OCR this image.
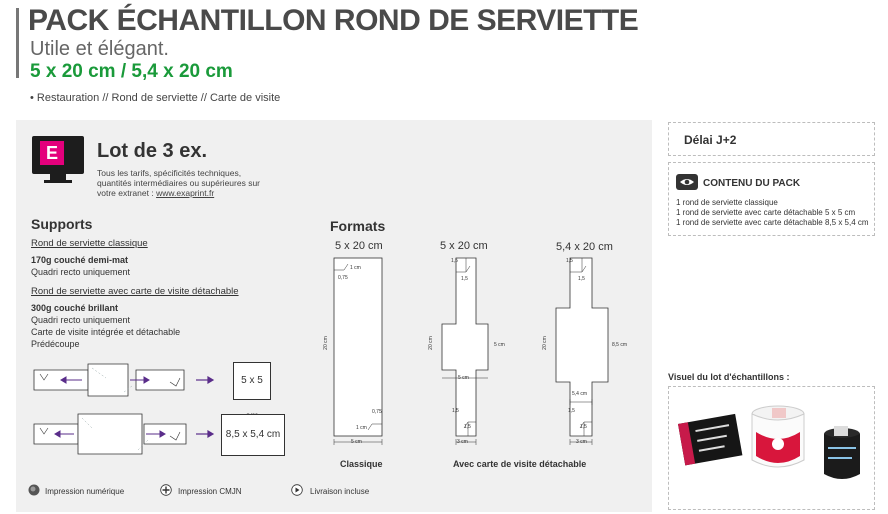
PACK ÉCHANTILLON ROND DE SERVIETTE
Utile et élégant.
5 x 20 cm / 5,4 x 20 cm
• Restauration // Rond de serviette // Carte de visite
E	Lot de 3 ex.
Tous les tarifs, spécificités techniques,
quantités intermédiaires ou supérieures sur
votre extranet : www.exaprint.fr
Supports
Rond de serviette classique
170g couché demi-mat
Quadri recto uniquement
Rond de serviette avec carte de visite détachable
300g couché brillant
Quadri recto uniquement
Carte de visite intégrée et détachable
Prédécoupe
5 x 5
8,5 x 5,4 cm
Formats
5 x 20 cm	5 x 20 cm	5,4 x 20 cm
1 cm
0,75
0,75
1 cm
20 cm
5 cm
1,5
1,5
5 cm
5 cm
1,5
1,5
20 cm
3 cm
1,5
1,5
8,5 cm
5,4 cm
1,5
1,5
20 cm
3 cm
Classique	Avec carte de visite détachable
Impression numérique	Impression CMJN	Livraison incluse
Délai J+2
CONTENU DU PACK
1 rond de serviette classique
1 rond de serviette avec carte détachable 5 x 5 cm
1 rond de serviette avec carte détachable 8,5 x 5,4 cm
Visuel du lot d'échantillons :
